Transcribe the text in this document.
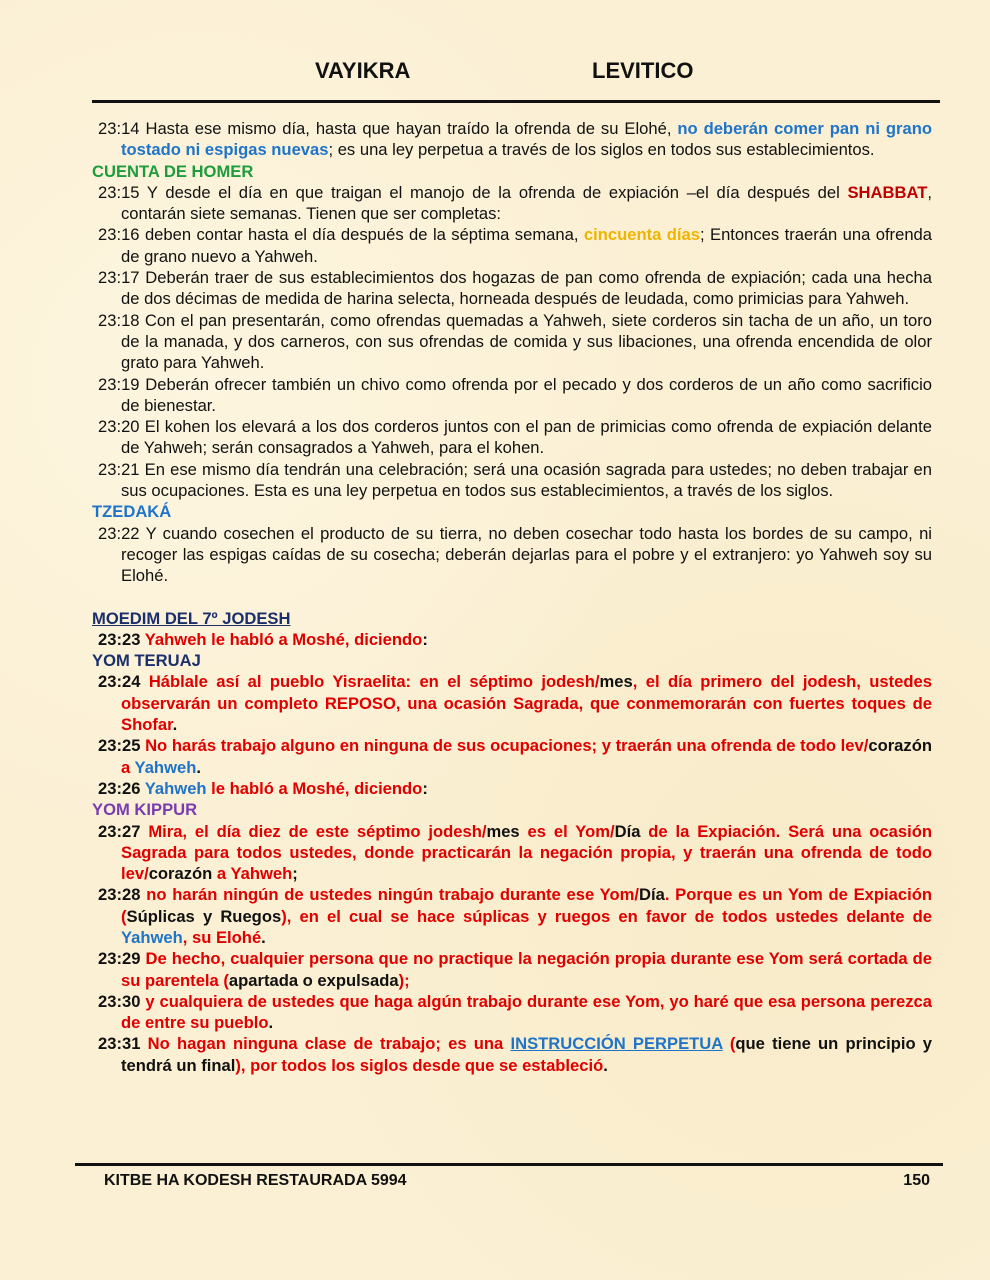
VAYIKRA	LEVITICO
23:14 Hasta ese mismo día, hasta que hayan traído la ofrenda de su Elohé, no deberán comer pan ni grano tostado ni espigas nuevas; es una ley perpetua a través de los siglos en todos sus establecimientos.
CUENTA DE HOMER
23:15 Y desde el día en que traigan el manojo de la ofrenda de expiación –el día después del SHABBAT, contarán siete semanas. Tienen que ser completas:
23:16 deben contar hasta el día después de la séptima semana, cincuenta días; Entonces traerán una ofrenda de grano nuevo a Yahweh.
23:17 Deberán traer de sus establecimientos dos hogazas de pan como ofrenda de expiación; cada una hecha de dos décimas de medida de harina selecta, horneada después de leudada, como primicias para Yahweh.
23:18 Con el pan presentarán, como ofrendas quemadas a Yahweh, siete corderos sin tacha de un año, un toro de la manada, y dos carneros, con sus ofrendas de comida y sus libaciones, una ofrenda encendida de olor grato para Yahweh.
23:19 Deberán ofrecer también un chivo como ofrenda por el pecado y dos corderos de un año como sacrificio de bienestar.
23:20 El kohen los elevará a los dos corderos juntos con el pan de primicias como ofrenda de expiación delante de Yahweh; serán consagrados a Yahweh, para el kohen.
23:21 En ese mismo día tendrán una celebración; será una ocasión sagrada para ustedes; no deben trabajar en sus ocupaciones. Esta es una ley perpetua en todos sus establecimientos, a través de los siglos.
TZEDAKÁ
23:22 Y cuando cosechen el producto de su tierra, no deben cosechar todo hasta los bordes de su campo, ni recoger las espigas caídas de su cosecha; deberán dejarlas para el pobre y el extranjero: yo Yahweh soy su Elohé.
MOEDIM DEL 7º JODESH
23:23 Yahweh le habló a Moshé, diciendo:
YOM TERUAJ
23:24 Háblale así al pueblo Yisraelita: en el séptimo jodesh/mes, el día primero del jodesh, ustedes observarán un completo REPOSO, una ocasión Sagrada, que conmemorarán con fuertes toques de Shofar.
23:25 No harás trabajo alguno en ninguna de sus ocupaciones; y traerán una ofrenda de todo lev/corazón a Yahweh.
23:26 Yahweh le habló a Moshé, diciendo:
YOM KIPPUR
23:27 Mira, el día diez de este séptimo jodesh/mes es el Yom/Día de la Expiación. Será una ocasión Sagrada para todos ustedes, donde practicarán la negación propia, y traerán una ofrenda de todo lev/corazón a Yahweh;
23:28 no harán ningún de ustedes ningún trabajo durante ese Yom/Día. Porque es un Yom de Expiación (Súplicas y Ruegos), en el cual se hace súplicas y ruegos en favor de todos ustedes delante de Yahweh, su Elohé.
23:29 De hecho, cualquier persona que no practique la negación propia durante ese Yom será cortada de su parentela (apartada o expulsada);
23:30 y cualquiera de ustedes que haga algún trabajo durante ese Yom, yo haré que esa persona perezca de entre su pueblo.
23:31 No hagan ninguna clase de trabajo; es una INSTRUCCIÓN PERPETUA (que tiene un principio y tendrá un final), por todos los siglos desde que se estableció.
KITBE HA KODESH RESTAURADA 5994	150
